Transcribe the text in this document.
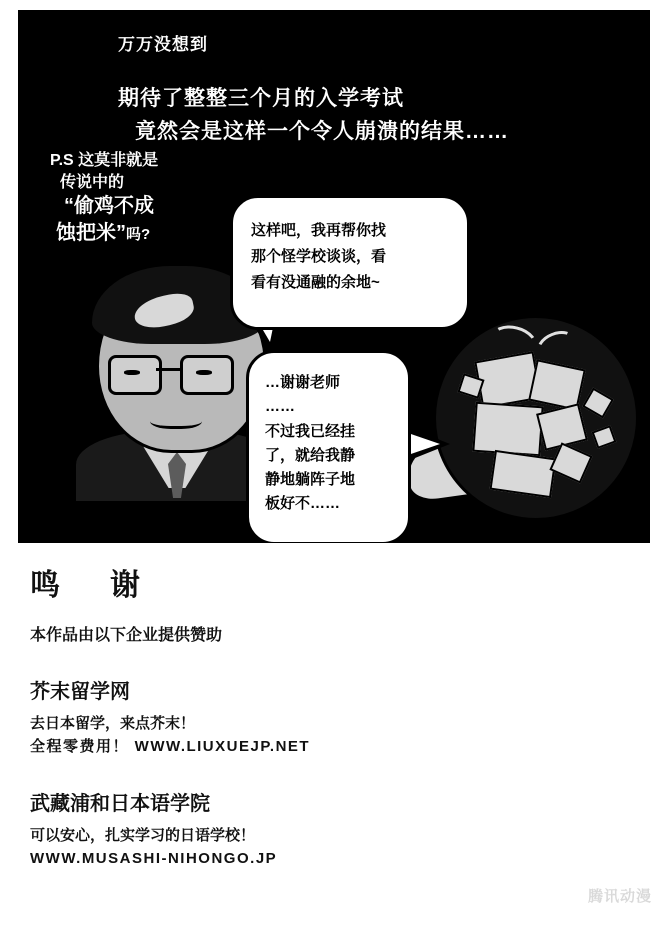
万万没想到
期待了整整三个月的入学考试
竟然会是这样一个令人崩溃的结果……
P.S 这莫非就是
传说中的
“偷鸡不成
蚀把米”吗?	这样吧，我再帮你找
那个怪学校谈谈，看
看有没通融的余地~
…谢谢老师
……
不过我已经挂
了，就给我静
静地躺阵子地
板好不……
鸣　谢
本作品由以下企业提供赞助
芥末留学网
去日本留学，来点芥末！
全程零费用！ WWW.LIUXUEJP.NET
武藏浦和日本语学院
可以安心，扎实学习的日语学校！
WWW.MUSASHI-NIHONGO.JP
腾讯动漫
